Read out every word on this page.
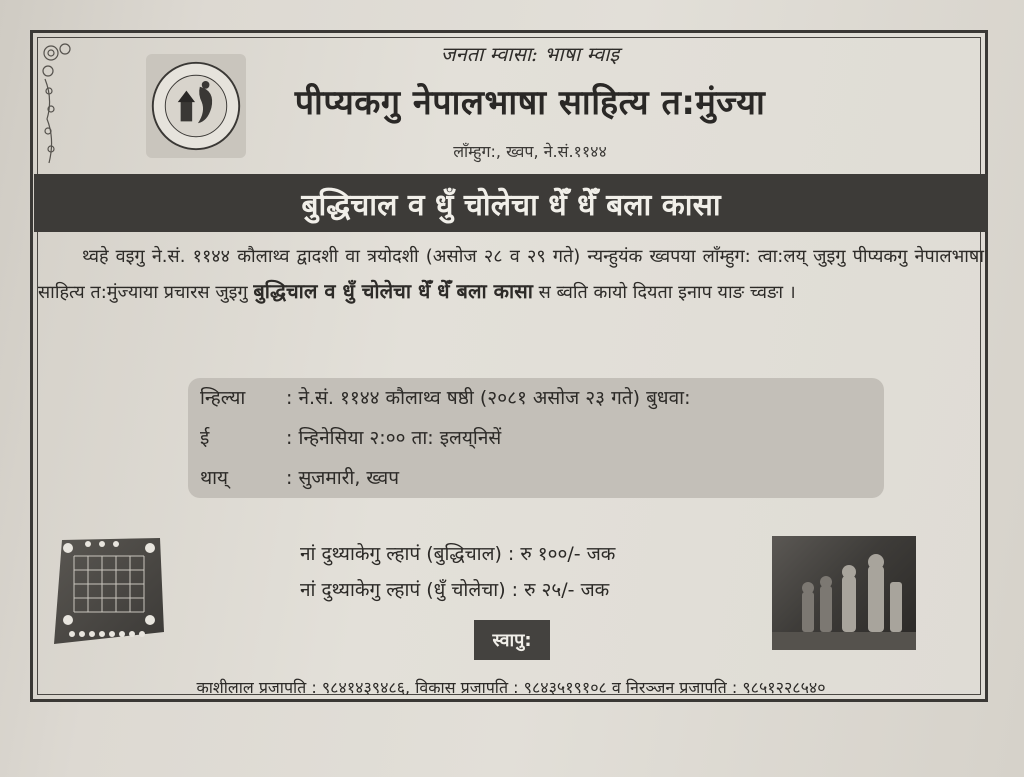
जनता म्वासा: भाषा म्वाइ
पीप्यकगु नेपालभाषा साहित्य त:मुंज्या
लाँम्हुग:, ख्वप, ने.सं.११४४
बुद्धिचाल व धुँ चोलेचा धेँ धेँ बला कासा
थ्वहे वइगु ने.सं. ११४४ कौलाथ्व द्वादशी वा त्रयोदशी (असोज २८ व २९ गते) न्यन्हुयंक ख्वपया लाँम्हुग: त्वा:लय् जुइगु पीप्यकगु नेपालभाषा साहित्य त:मुंज्याया प्रचारस जुइगु बुद्धिचाल व धुँ चोलेचा धेँ धेँ बला कासा स ब्वति कायो दियता इनाप याङ च्वङा ।
न्हिल्या	: ने.सं. ११४४ कौलाथ्व षष्ठी (२०८१ असोज २३ गते) बुधवा:
ई	: न्हिनेसिया २:०० ता: इलय्‌निसें
थाय्	: सुजमारी, ख्वप
नां दुथ्याकेगु ल्हापं (बुद्धिचाल) : रु १००/- जक
नां दुथ्याकेगु ल्हापं (धुँ चोलेचा) : रु २५/- जक
स्वापु:
काशीलाल प्रजापति : ९८४१४३९४८६, विकास प्रजापति : ९८४३५१९१०८ व निरञ्जन प्रजापति : ९८५१२२८५४०
